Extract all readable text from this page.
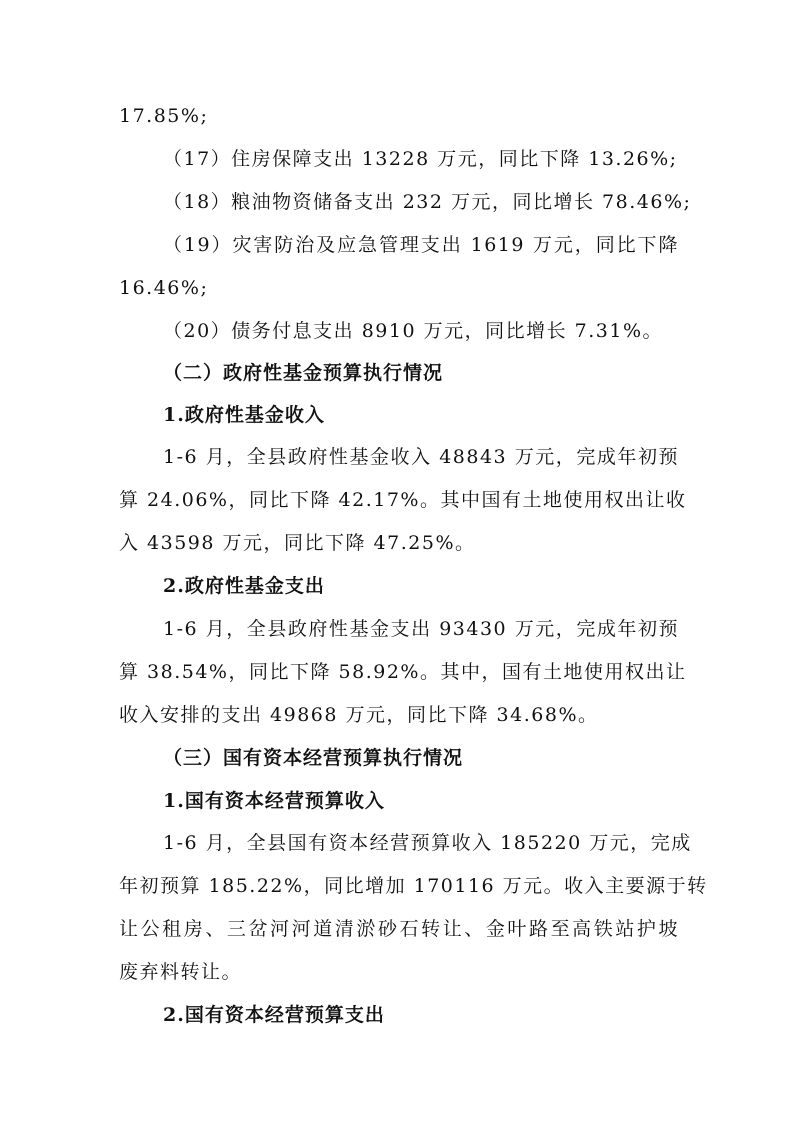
17.85%;
（17）住房保障支出 13228 万元，同比下降 13.26%;
（18）粮油物资储备支出 232 万元，同比增长 78.46%;
（19）灾害防治及应急管理支出 1619 万元，同比下降
16.46%;
（20）债务付息支出 8910 万元，同比增长 7.31%。
（二）政府性基金预算执行情况
1.政府性基金收入
1-6 月，全县政府性基金收入 48843 万元，完成年初预
算 24.06%，同比下降 42.17%。其中国有土地使用权出让收
入 43598 万元，同比下降 47.25%。
2.政府性基金支出
1-6 月，全县政府性基金支出 93430 万元，完成年初预
算 38.54%，同比下降 58.92%。其中，国有土地使用权出让
收入安排的支出 49868 万元，同比下降 34.68%。
（三）国有资本经营预算执行情况
1.国有资本经营预算收入
1-6 月，全县国有资本经营预算收入 185220 万元，完成
年初预算 185.22%，同比增加 170116 万元。收入主要源于转
让公租房、三岔河河道清淤砂石转让、金叶路至高铁站护坡
废弃料转让。
2.国有资本经营预算支出
